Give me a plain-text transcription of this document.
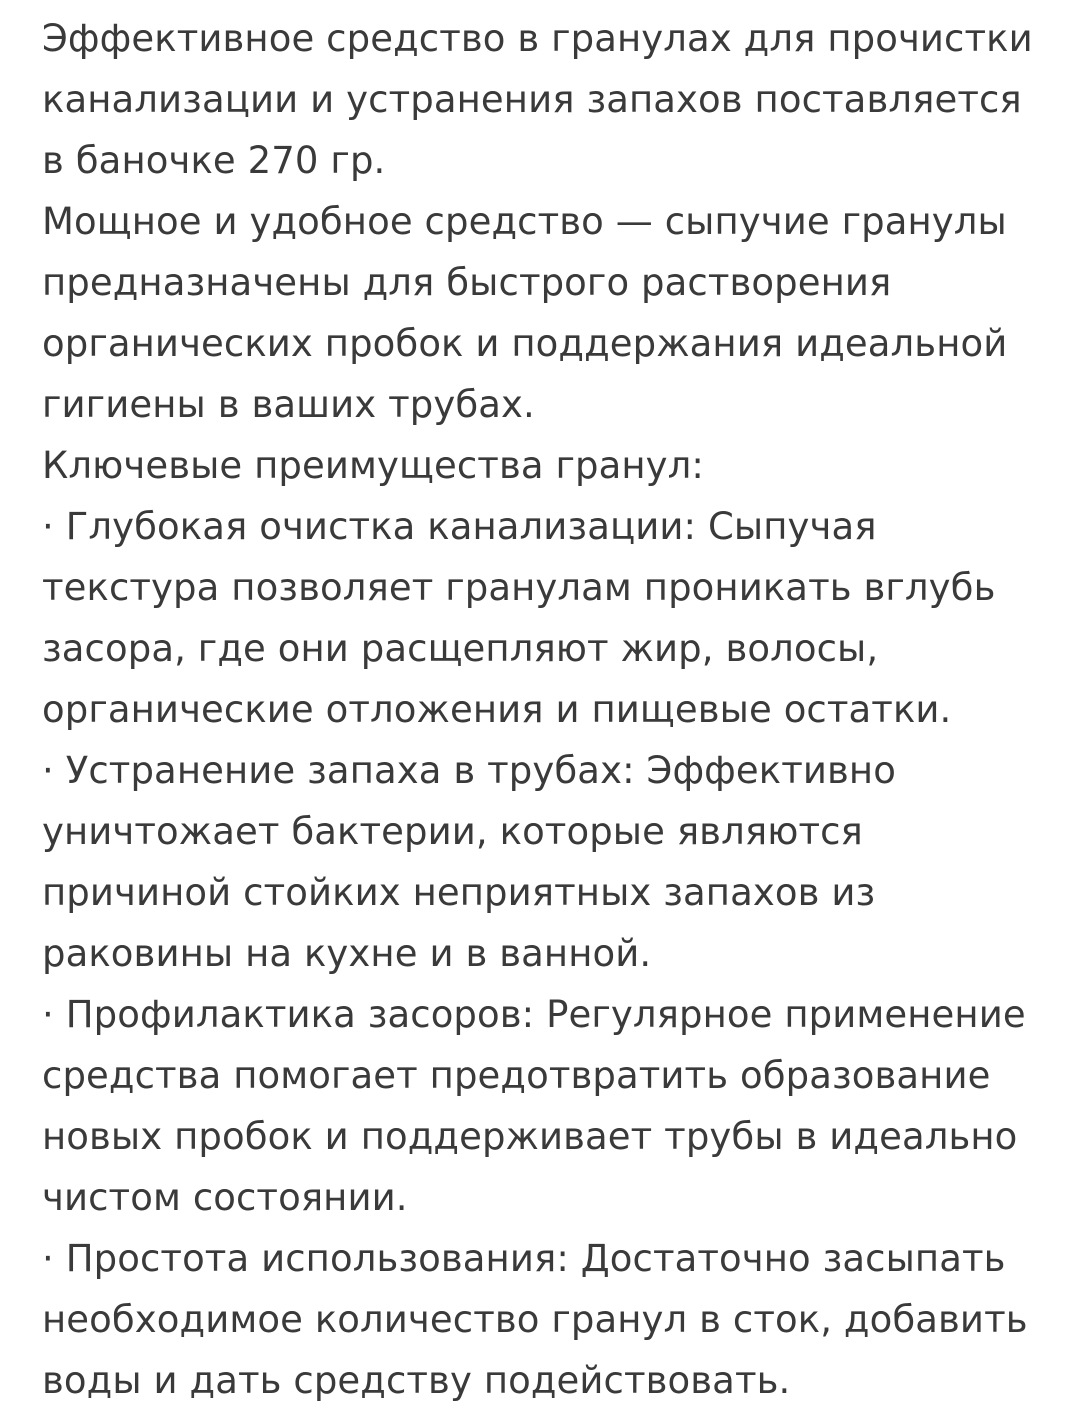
Эффективное средство в гранулах для прочистки канализации и устранения запахов поставляется в баночке 270 гр.

Мощное и удобное средство — сыпучие гранулы предназначены для быстрого растворения органических пробок и поддержания идеальной гигиены в ваших трубах.

Ключевые преимущества гранул:

· Глубокая очистка канализации: Сыпучая текстура позволяет гранулам проникать вглубь засора, где они расщепляют жир, волосы, органические отложения и пищевые остатки.

· Устранение запаха в трубах: Эффективно уничтожает бактерии, которые являются причиной стойких неприятных запахов из раковины на кухне и в ванной.

· Профилактика засоров: Регулярное применение средства помогает предотвратить образование новых пробок и поддерживает трубы в идеально чистом состоянии.

· Простота использования: Достаточно засыпать необходимое количество гранул в сток, добавить воды и дать средству подействовать.
